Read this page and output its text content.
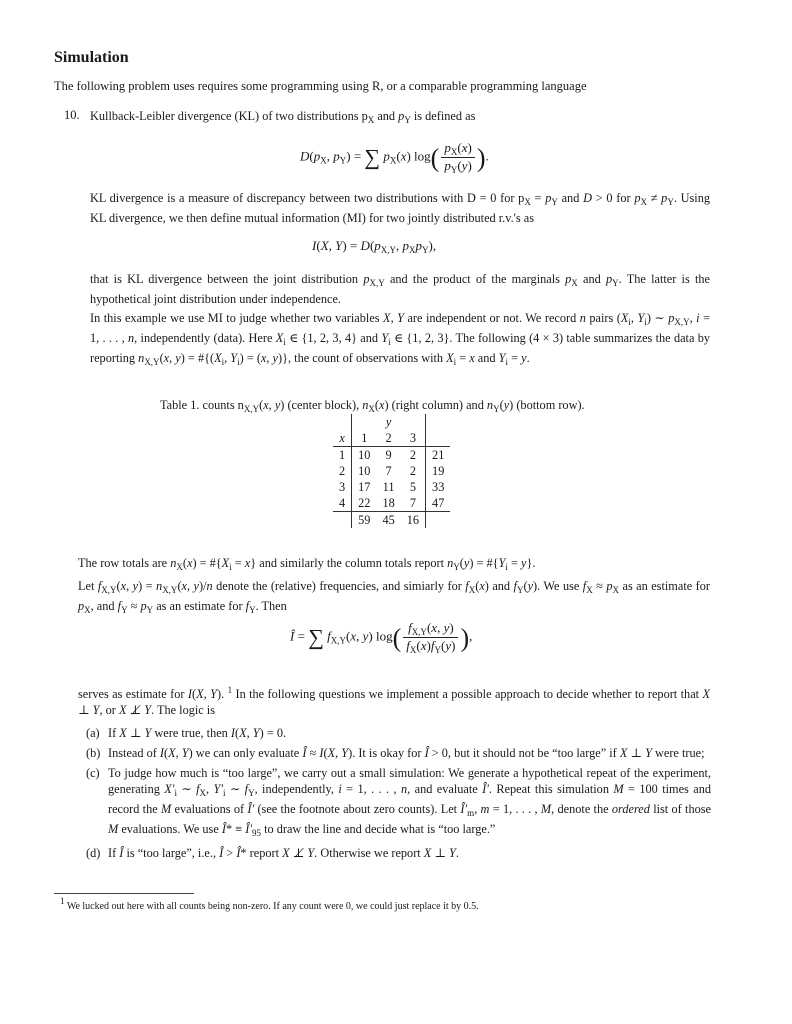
Simulation
The following problem uses requires some programming using R, or a comparable programming language
10. Kullback-Leibler divergence (KL) of two distributions $p_X$ and $p_Y$ is defined as
$D(p_X$, $p_Y$) = ∑ $p_X(x)$ $\log( \frac{p_X(x)}{p_Y(y)}$ ).
KL divergence is a measure of discrepancy between two distributions with D = 0 for $p_X = p_Y$ and D > 0 for $p_X \ne p_Y$. Using KL divergence, we then define mutual information (MI) for two jointly distributed r.v.'s as
I(X, $Y) = D(p_{X,Y}$, $p_Xp_Y$),
that is KL divergence between the joint distribution $p_{X,Y}$ and the product of the marginals $p_X$ and $p_Y$. The latter is the hypothetical joint distribution under independence.
In this example we use MI to judge whether two variables X, Y are independent or not. We record n pairs ($X_i$, $Y_i$) ∼ $p_{X,Y}$, i = 1, . . . , n, independently (data). Here $X_i$ ∈ {1, 2, 3, 4} and $Y_i$ ∈ {1, 2, 3}. The following (4 × 3) table summarizes the data by reporting $n_{X,Y}(x$, $y) = \#\{(X_i$, $Y_i) = (x$, y)}, the count of observations with $X_i = x$ and $Y_i = y$.
Table 1. counts $n_{X,Y}(x$, y) (center block), $n_X(x)$ (right column) and $n_Y(y)$ (bottom row).
		y		
x	1	2	3	
1	10	9	2	21
2	10	7	2	19
3	17	11	5	33
4	22	18	7	47
	59	45	16	
The row totals are $n_X(x)$ = $\#\{X_i = x\}$ and similarly the column totals report $n_Y(y)$ = $\#\{Y_i = y\}$.
Let $f_{X,Y}(x$, $y) = n_{X,Y}(x$, y)/n denote the (relative) frequencies, and simiarly for $f_X(x)$ and $f_Y(y)$. We use $f_X \approx p_X$ as an estimate for $p_X$, and $f_Y \approx p_Y$ as an estimate for $f_Y$. Then
Î = ∑ $f_{X,Y}(x$, y) $\log( \frac{f_{X,Y}(x, y)}{f_X(x)f_Y(y)}$ ),
serves as estimate for I(X, Y). $^1$ In the following questions we implement a possible approach to decide whether to report that X ⊥ Y, or X ⊥̸ Y. The logic is
(a) If X ⊥ Y were true, then I(X, Y) = 0.
(b) Instead of I(X, Y) we can only evaluate Î ≈ I(X, Y). It is okay for Î > 0, but it should not be “too large” if X ⊥ Y were true;
(c) To judge how much is “too large”, we carry out a small simulation: We generate a hypothetical repeat of the experiment, generating $X'_i$ ∼ $f_X$, $Y'_i$ ∼ $f_Y$, independently, i = 1, . . . , n, and evaluate Î′. Repeat this simulation M = 100 times and record the M evaluations of Î′ (see the footnote about zero counts). Let $Î'_m$, m = 1, . . . , M, denote the ordered list of those M evaluations. We use Î* ≡ $Î'_{95}$ to draw the line and decide what is “too large.”
(d) If Î is “too large”, i.e., Î > Î* report X ⊥̸ Y. Otherwise we report X ⊥ Y.
1 We lucked out here with all counts being non-zero. If any count were 0, we could just replace it by 0.5.
